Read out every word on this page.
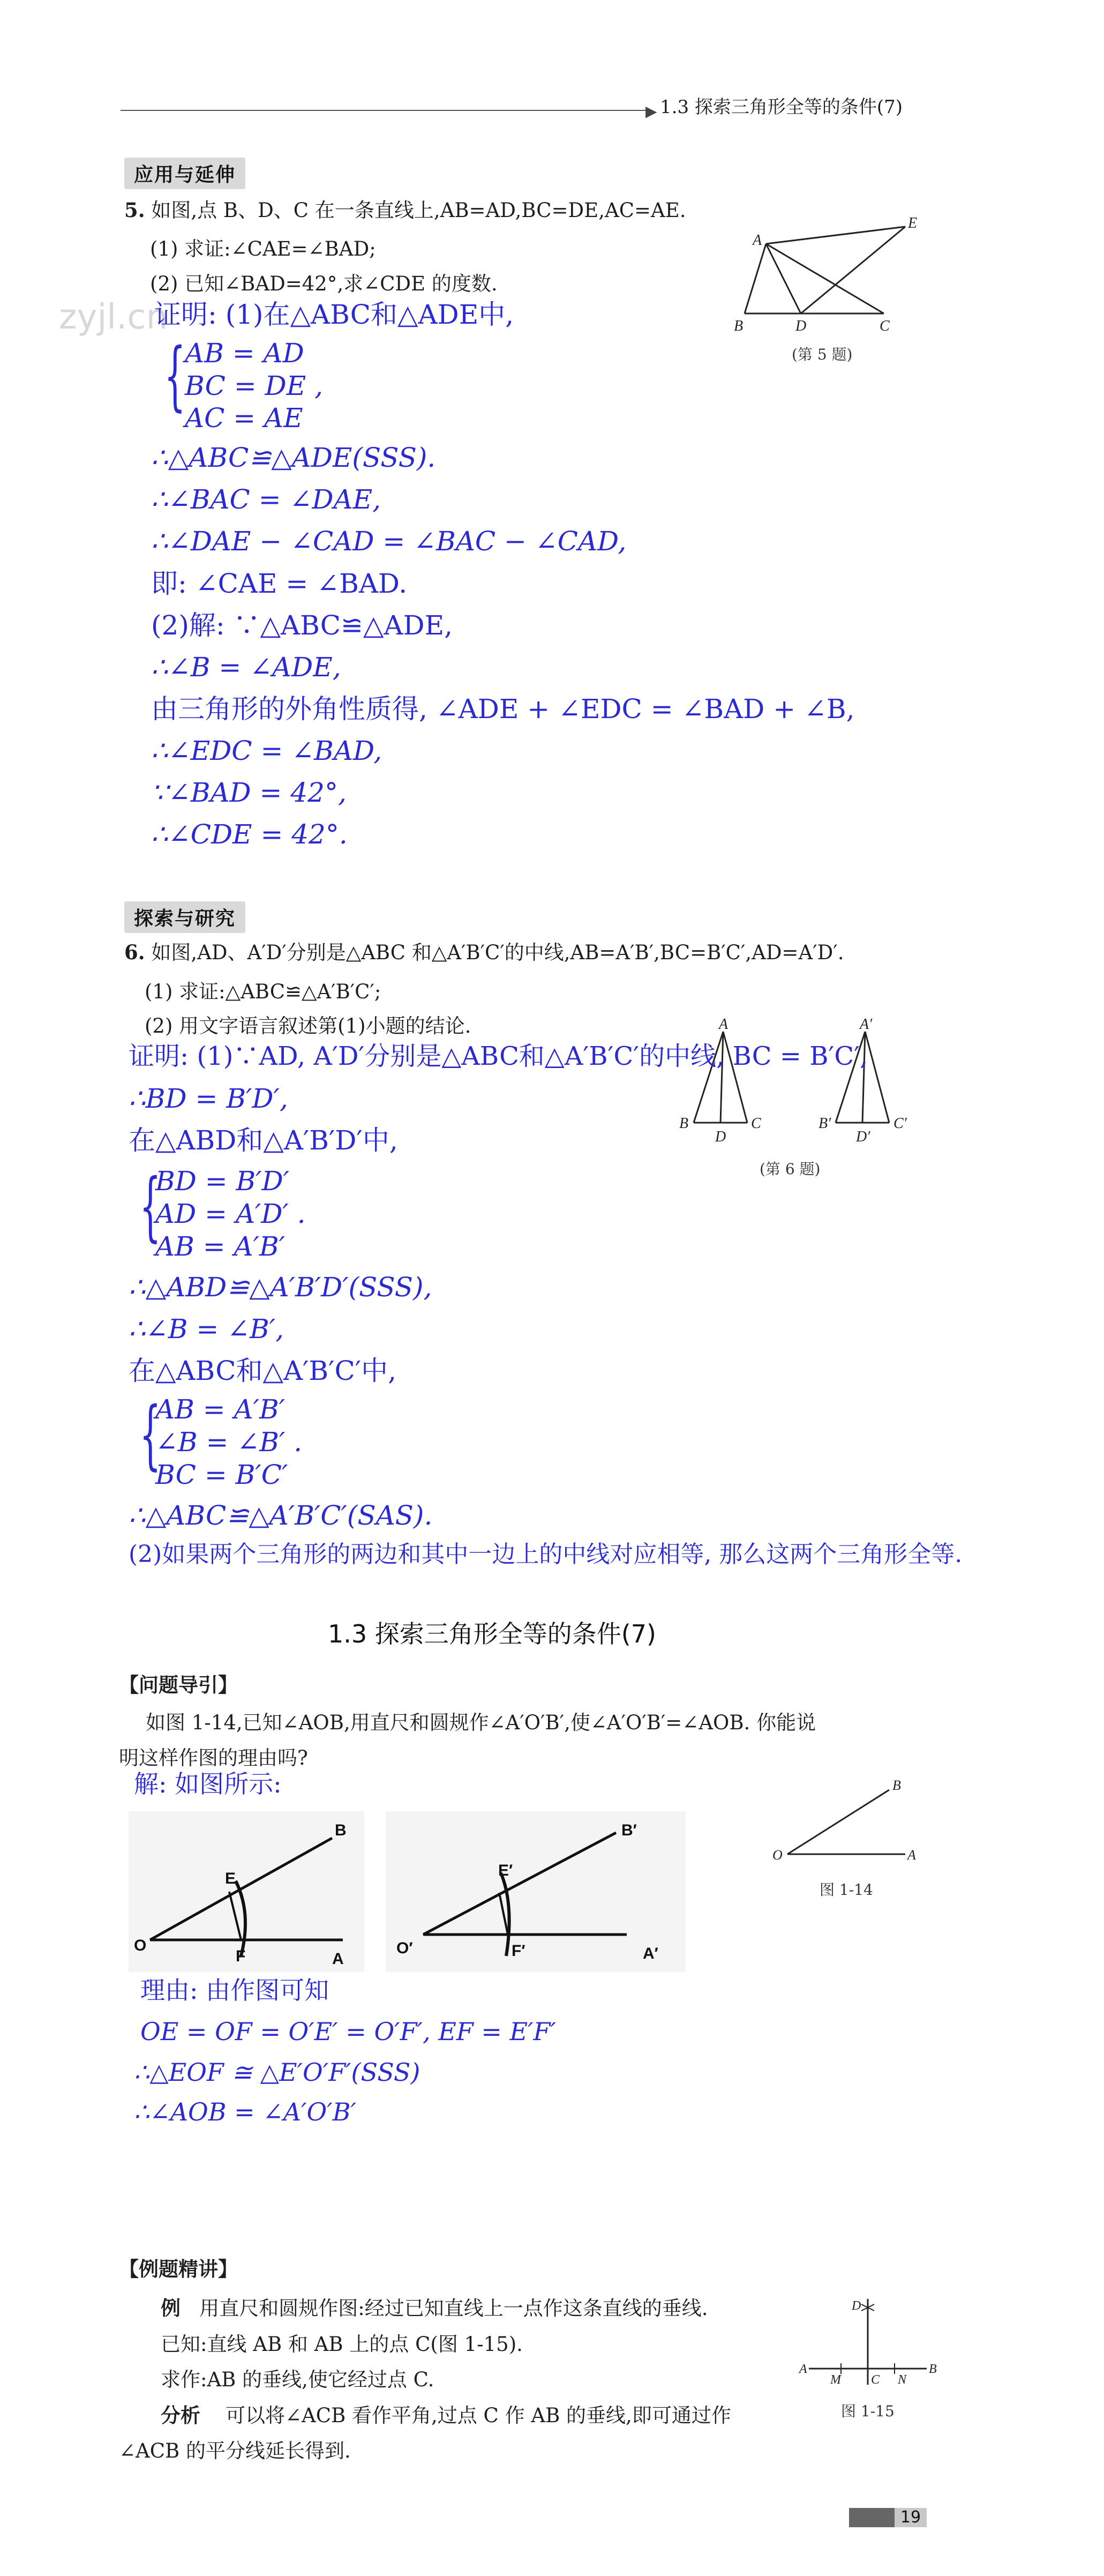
▶ 1.3 探索三角形全等的条件(7)
zyjl.cn
应用与延伸
5. 如图,点 B、D、C 在一条直线上,AB=AD,BC=DE,AC=AE.
(1) 求证:∠CAE=∠BAD;
(2) 已知∠BAD=42°,求∠CDE 的度数.
A
E
B	D	C
(第 5 题)
证明: (1)在△ABC和△ADE中,
{
AB = AD
BC = DE ,
AC = AE
∴△ABC≌△ADE(SSS).
∴∠BAC = ∠DAE,
∴∠DAE − ∠CAD = ∠BAC − ∠CAD,
即: ∠CAE = ∠BAD.
(2)解: ∵△ABC≌△ADE,
∴∠B = ∠ADE,
由三角形的外角性质得, ∠ADE + ∠EDC = ∠BAD + ∠B,
∴∠EDC = ∠BAD,
∵∠BAD = 42°,
∴∠CDE = 42°.
探索与研究
6. 如图,AD、A′D′分别是△ABC 和△A′B′C′的中线,AB=A′B′,BC=B′C′,AD=A′D′.
(1) 求证:△ABC≌△A′B′C′;
(2) 用文字语言叙述第(1)小题的结论.	A
B
D
C
A′
B′
D′
C′
(第 6 题)
证明: (1)∵AD, A′D′分别是△ABC和△A′B′C′的中线, BC = B′C′,
∴BD = B′D′,
在△ABD和△A′B′D′中,
{
BD = B′D′
AD = A′D′ .
AB = A′B′
∴△ABD≌△A′B′D′(SSS),
∴∠B = ∠B′,
在△ABC和△A′B′C′中,
{
AB = A′B′
∠B = ∠B′ .
BC = B′C′
∴△ABC≌△A′B′C′(SAS).
(2)如果两个三角形的两边和其中一边上的中线对应相等, 那么这两个三角形全等.
1.3 探索三角形全等的条件(7)
【问题导引】
如图 1-14,已知∠AOB,用直尺和圆规作∠A′O′B′,使∠A′O′B′=∠AOB. 你能说
明这样作图的理由吗?
B
O	A
图 1-14
解: 如图所示:
B
E
O
F	A
B′
E′
O′	F′	A′
理由: 由作图可知
OE = OF = O′E′ = O′F′, EF = E′F′
∴△EOF ≅ △E′O′F′(SSS)
∴∠AOB = ∠A′O′B′
【例题精讲】
例 用直尺和圆规作图:经过已知直线上一点作这条直线的垂线.
已知:直线 AB 和 AB 上的点 C(图 1-15).
求作:AB 的垂线,使它经过点 C.
分析 可以将∠ACB 看作平角,过点 C 作 AB 的垂线,即可通过作
∠ACB 的平分线延长得到.
D
A
M C N
B
图 1-15
19
